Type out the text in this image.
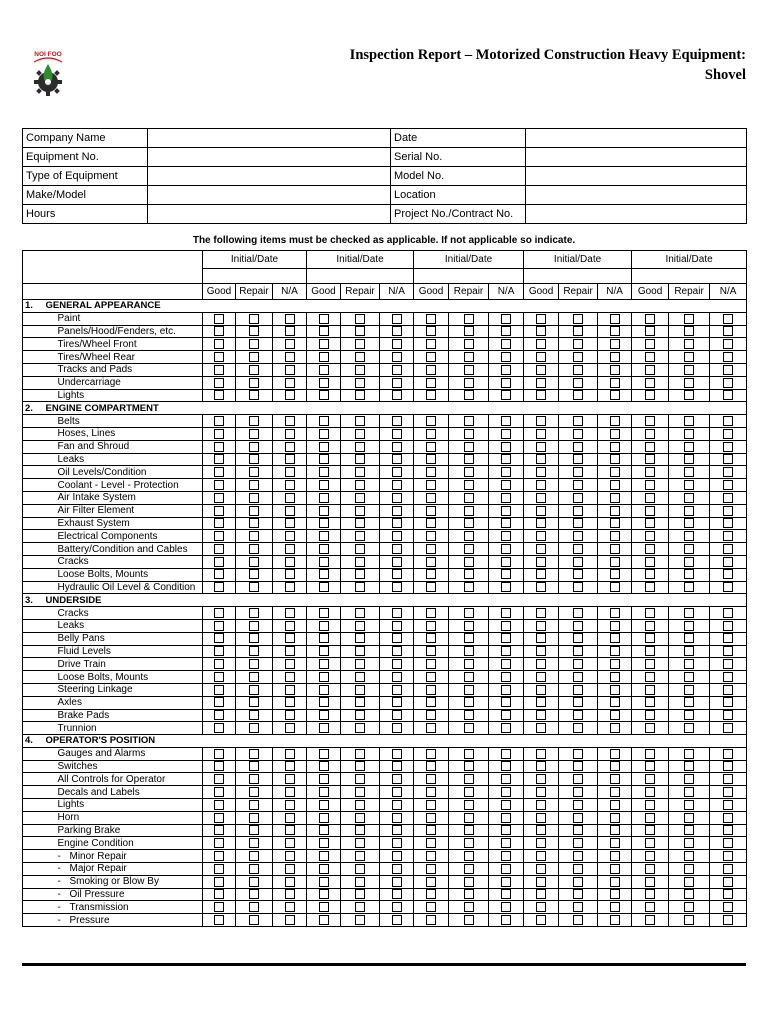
NOI FOO	Inspection Report – Motorized Construction Heavy Equipment:
Shovel
Company Name		Date	
Equipment No.		Serial No.	
Type of Equipment		Model No.	
Make/Model		Location	
Hours		Project No./Contract No.	
The following items must be checked as applicable. If not applicable so indicate.
		Initial/Date			Initial/Date			Initial/Date			Initial/Date			Initial/Date		

		Good	Repair	N/A	Good	Repair	N/A	Good	Repair	N/A	Good	Repair	N/A	Good	Repair	N/A
1.	GENERAL APPEARANCE															
	Paint															
	Panels/Hood/Fenders, etc.															
	Tires/Wheel Front															
	Tires/Wheel Rear															
	Tracks and Pads															
	Undercarriage															
	Lights															
2.	ENGINE COMPARTMENT															
	Belts															
	Hoses, Lines															
	Fan and Shroud															
	Leaks															
	Oil Levels/Condition															
	Coolant - Level - Protection															
	Air Intake System															
	Air Filter Element															
	Exhaust System															
	Electrical Components															
	Battery/Condition and Cables															
	Cracks															
	Loose Bolts, Mounts															
	Hydraulic Oil Level & Condition															
3.	UNDERSIDE															
	Cracks															
	Leaks															
	Belly Pans															
	Fluid Levels															
	Drive Train															
	Loose Bolts, Mounts															
	Steering Linkage															
	Axles															
	Brake Pads															
	Trunnion															
4.	OPERATOR'S POSITION															
	Gauges and Alarms															
	Switches															
	All Controls for Operator															
	Decals and Labels															
	Lights															
	Horn															
	Parking Brake															
	Engine Condition															
	- Minor Repair															
	- Major Repair															
	- Smoking or Blow By															
	- Oil Pressure															
	- Transmission															
	- Pressure															
